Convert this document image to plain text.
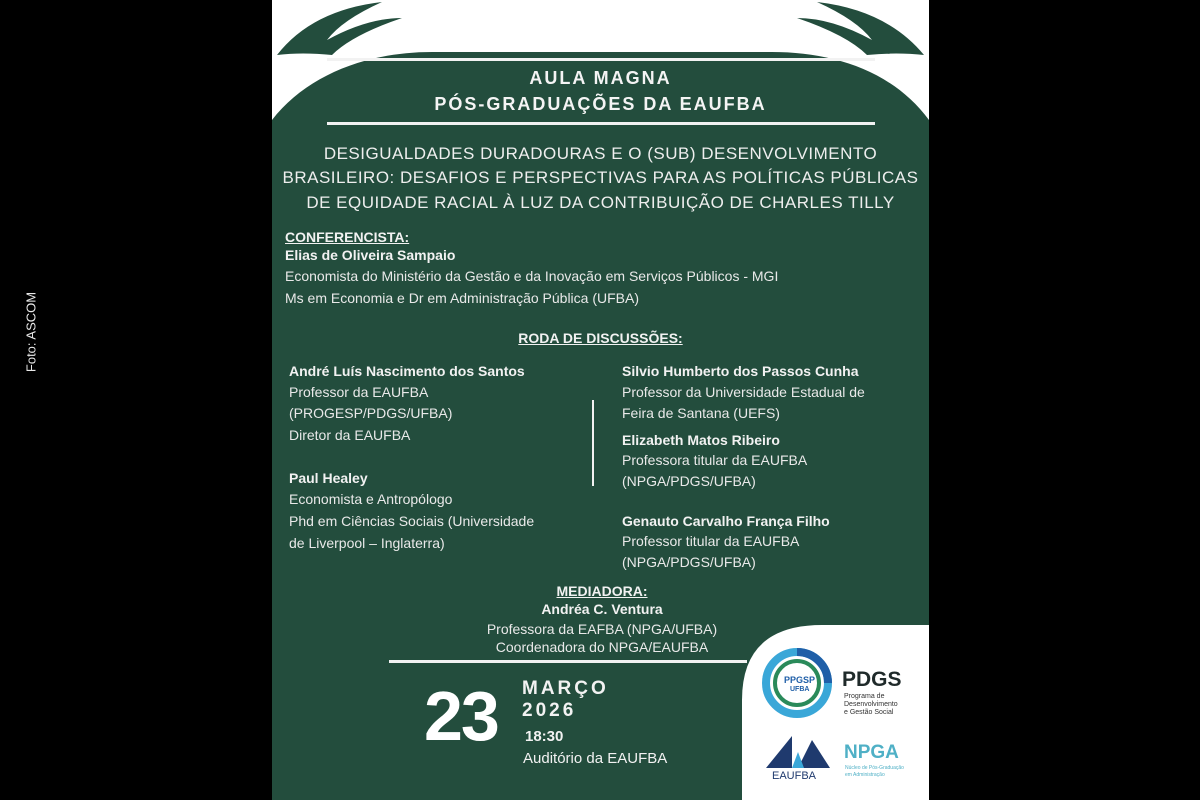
Foto: ASCOM
AULA MAGNA
PÓS-GRADUAÇÕES DA EAUFBA
DESIGUALDADES DURADOURAS E O (SUB) DESENVOLVIMENTO
BRASILEIRO: DESAFIOS E PERSPECTIVAS PARA AS POLÍTICAS PÚBLICAS
DE EQUIDADE RACIAL À LUZ DA CONTRIBUIÇÃO DE CHARLES TILLY
CONFERENCISTA:
Elias de Oliveira Sampaio
Economista do Ministério da Gestão e da Inovação em Serviços Públicos - MGI
Ms em Economia e Dr em Administração Pública (UFBA)
RODA DE DISCUSSÕES:
André Luís Nascimento dos Santos
Professor da EAUFBA
(PROGESP/PDGS/UFBA)
Diretor da EAUFBA
Paul Healey
Economista e Antropólogo
Phd em Ciências Sociais (Universidade
de Liverpool – Inglaterra)
Silvio Humberto dos Passos Cunha
Professor da Universidade Estadual de
Feira de Santana (UEFS)
Elizabeth Matos Ribeiro
Professora titular da EAUFBA
(NPGA/PDGS/UFBA)
Genauto Carvalho França Filho
Professor titular da EAUFBA
(NPGA/PDGS/UFBA)
MEDIADORA:
Andréa C. Ventura
Professora da EAFBA (NPGA/UFBA)
Coordenadora do NPGA/EAUFBA
23 MARÇO
2026
18:30
Auditório da EAUFBA
PPGSP
UFBA PDGS
Programa de
Desenvolvimento
e Gestão Social
EAUFBA
NPGA
Núcleo de Pós-Graduação
em Administração
